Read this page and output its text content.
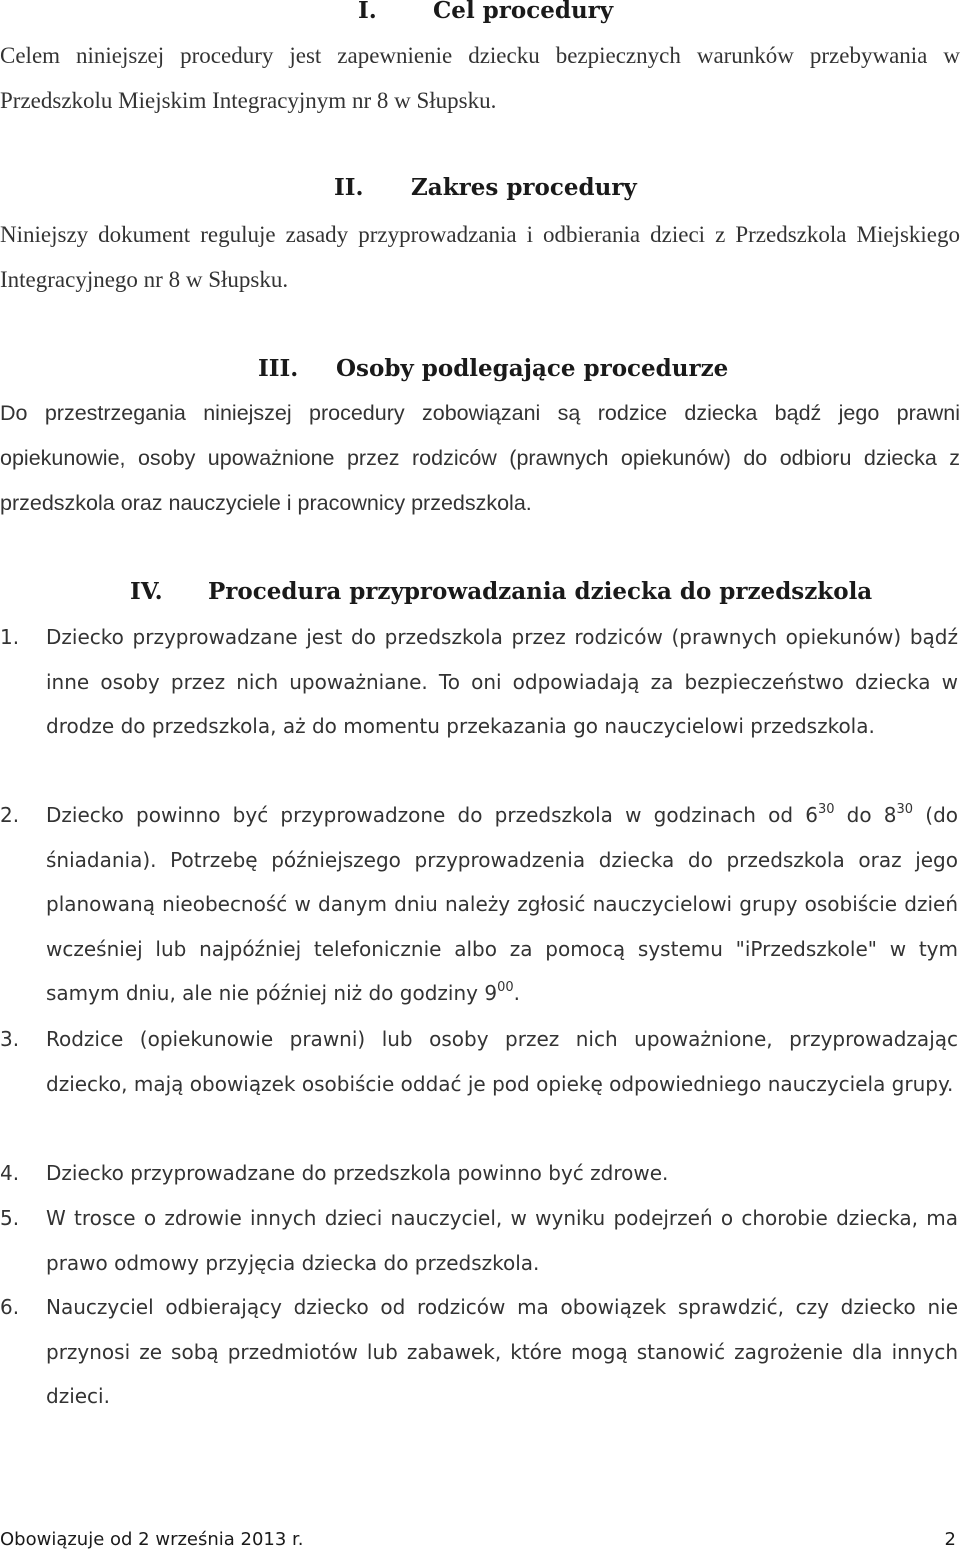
I. Cel procedury
Celem niniejszej procedury jest zapewnienie dziecku bezpiecznych warunków przebywania w Przedszkolu Miejskim Integracyjnym nr 8 w Słupsku.
II. Zakres procedury
Niniejszy dokument reguluje zasady przyprowadzania i odbierania dzieci z Przedszkola Miejskiego Integracyjnego nr 8 w Słupsku.
III. Osoby podlegające procedurze
Do przestrzegania niniejszej procedury zobowiązani są rodzice dziecka bądź jego prawni opiekunowie, osoby upoważnione przez rodziców (prawnych opiekunów) do odbioru dziecka z przedszkola oraz nauczyciele i pracownicy przedszkola.
IV. Procedura przyprowadzania dziecka do przedszkola
1. Dziecko przyprowadzane jest do przedszkola przez rodziców (prawnych opiekunów) bądź inne osoby przez nich upoważniane. To oni odpowiadają za bezpieczeństwo dziecka w drodze do przedszkola, aż do momentu przekazania go nauczycielowi przedszkola.
2. Dziecko powinno być przyprowadzone do przedszkola w godzinach od $6^{30}$ do $8^{30}$ (do śniadania). Potrzebę późniejszego przyprowadzenia dziecka do przedszkola oraz jego planowaną nieobecność w danym dniu należy zgłosić nauczycielowi grupy osobiście dzień wcześniej lub najpóźniej telefonicznie albo za pomocą systemu "iPrzedszkole" w tym samym dniu, ale nie później niż do godziny $9^{00}$.
3. Rodzice (opiekunowie prawni) lub osoby przez nich upoważnione, przyprowadzając dziecko, mają obowiązek osobiście oddać je pod opiekę odpowiedniego nauczyciela grupy.
4. Dziecko przyprowadzane do przedszkola powinno być zdrowe.
5. W trosce o zdrowie innych dzieci nauczyciel, w wyniku podejrzeń o chorobie dziecka, ma prawo odmowy przyjęcia dziecka do przedszkola.
6. Nauczyciel odbierający dziecko od rodziców ma obowiązek sprawdzić, czy dziecko nie przynosi ze sobą przedmiotów lub zabawek, które mogą stanowić zagrożenie dla innych dzieci.
Obowiązuje od 2 września 2013 r.	2
